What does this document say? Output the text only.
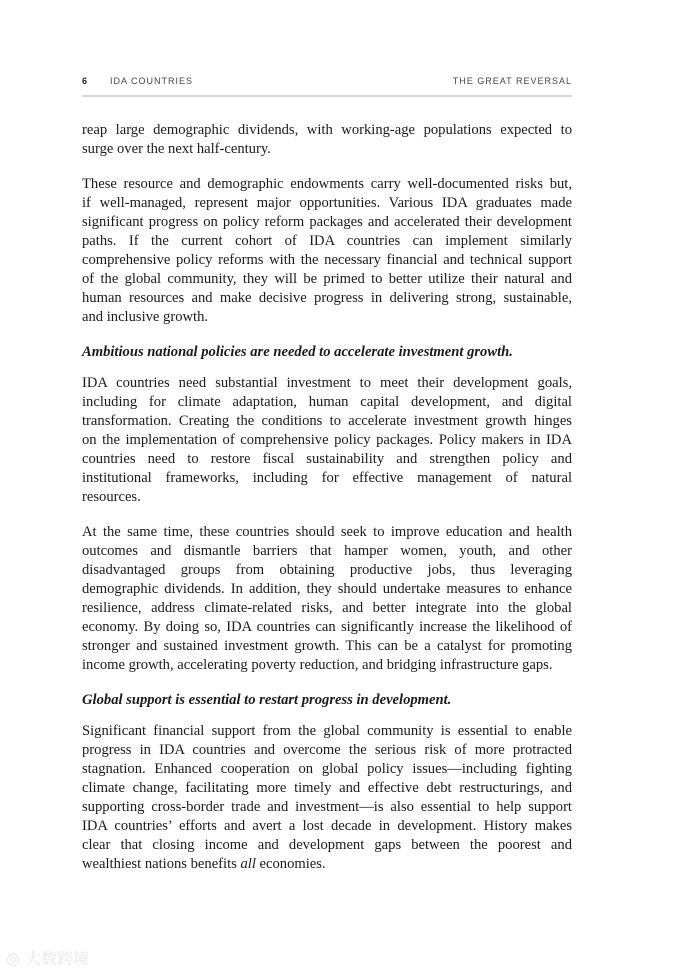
6 IDA COUNTRIES	THE GREAT REVERSAL
reap large demographic dividends, with working-age populations expected to
surge over the next half-century.
These resource and demographic endowments carry well-documented risks but,
if well-managed, represent major opportunities. Various IDA graduates made
significant progress on policy reform packages and accelerated their development
paths. If the current cohort of IDA countries can implement similarly
comprehensive policy reforms with the necessary financial and technical support
of the global community, they will be primed to better utilize their natural and
human resources and make decisive progress in delivering strong, sustainable,
and inclusive growth.
Ambitious national policies are needed to accelerate investment growth.
IDA countries need substantial investment to meet their development goals,
including for climate adaptation, human capital development, and digital
transformation. Creating the conditions to accelerate investment growth hinges
on the implementation of comprehensive policy packages. Policy makers in IDA
countries need to restore fiscal sustainability and strengthen policy and
institutional frameworks, including for effective management of natural
resources.
At the same time, these countries should seek to improve education and health
outcomes and dismantle barriers that hamper women, youth, and other
disadvantaged groups from obtaining productive jobs, thus leveraging
demographic dividends. In addition, they should undertake measures to enhance
resilience, address climate-related risks, and better integrate into the global
economy. By doing so, IDA countries can significantly increase the likelihood of
stronger and sustained investment growth. This can be a catalyst for promoting
income growth, accelerating poverty reduction, and bridging infrastructure gaps.
Global support is essential to restart progress in development.
Significant financial support from the global community is essential to enable
progress in IDA countries and overcome the serious risk of more protracted
stagnation. Enhanced cooperation on global policy issues—including fighting
climate change, facilitating more timely and effective debt restructurings, and
supporting cross-border trade and investment—is also essential to help support
IDA countries’ efforts and avert a lost decade in development. History makes
clear that closing income and development gaps between the poorest and
wealthiest nations benefits all economies.
◎ 大数跨境
